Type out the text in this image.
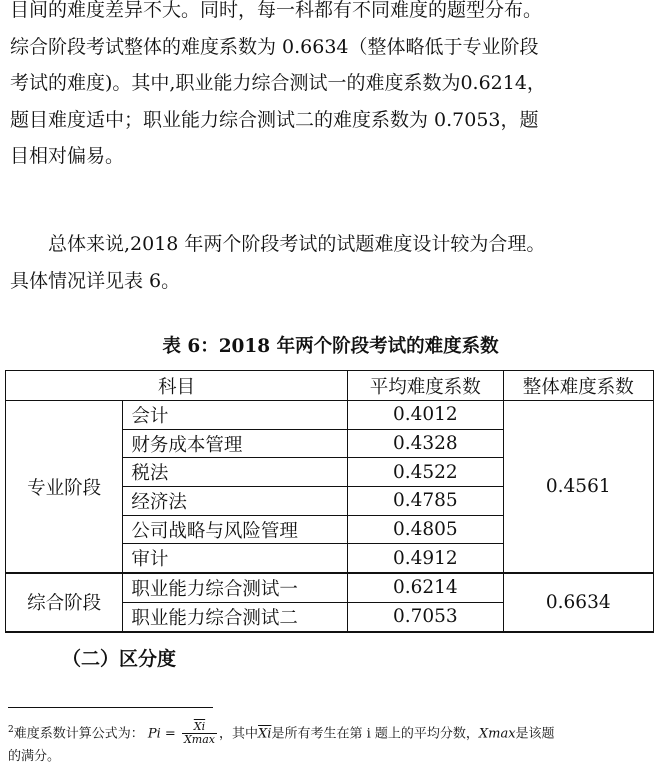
目间的难度差异不大。同时，每一科都有不同难度的题型分布。
综合阶段考试整体的难度系数为 0.6634（整体略低于专业阶段
考试的难度)。其中,职业能力综合测试一的难度系数为0.6214，
题目难度适中；职业能力综合测试二的难度系数为 0.7053，题
目相对偏易。
总体来说,2018 年两个阶段考试的试题难度设计较为合理。
具体情况详见表 6。
表 6：2018 年两个阶段考试的难度系数
科目		平均难度系数	整体难度系数
专业阶段	会计	0.4012	0.4561
	财务成本管理	0.4328	
	税法	0.4522	
	经济法	0.4785	
	公司战略与风险管理	0.4805	
	审计	0.4912	
综合阶段	职业能力综合测试一	0.6214	0.6634
	职业能力综合测试二	0.7053	
（二）区分度
$^2$难度系数计算公式为： $Pi = \frac{\overline{Xi}}{Xmax}$ ，其中$\overline{Xi}$是所有考生在第 i 题上的平均分数，Xmax是该题
的满分。
